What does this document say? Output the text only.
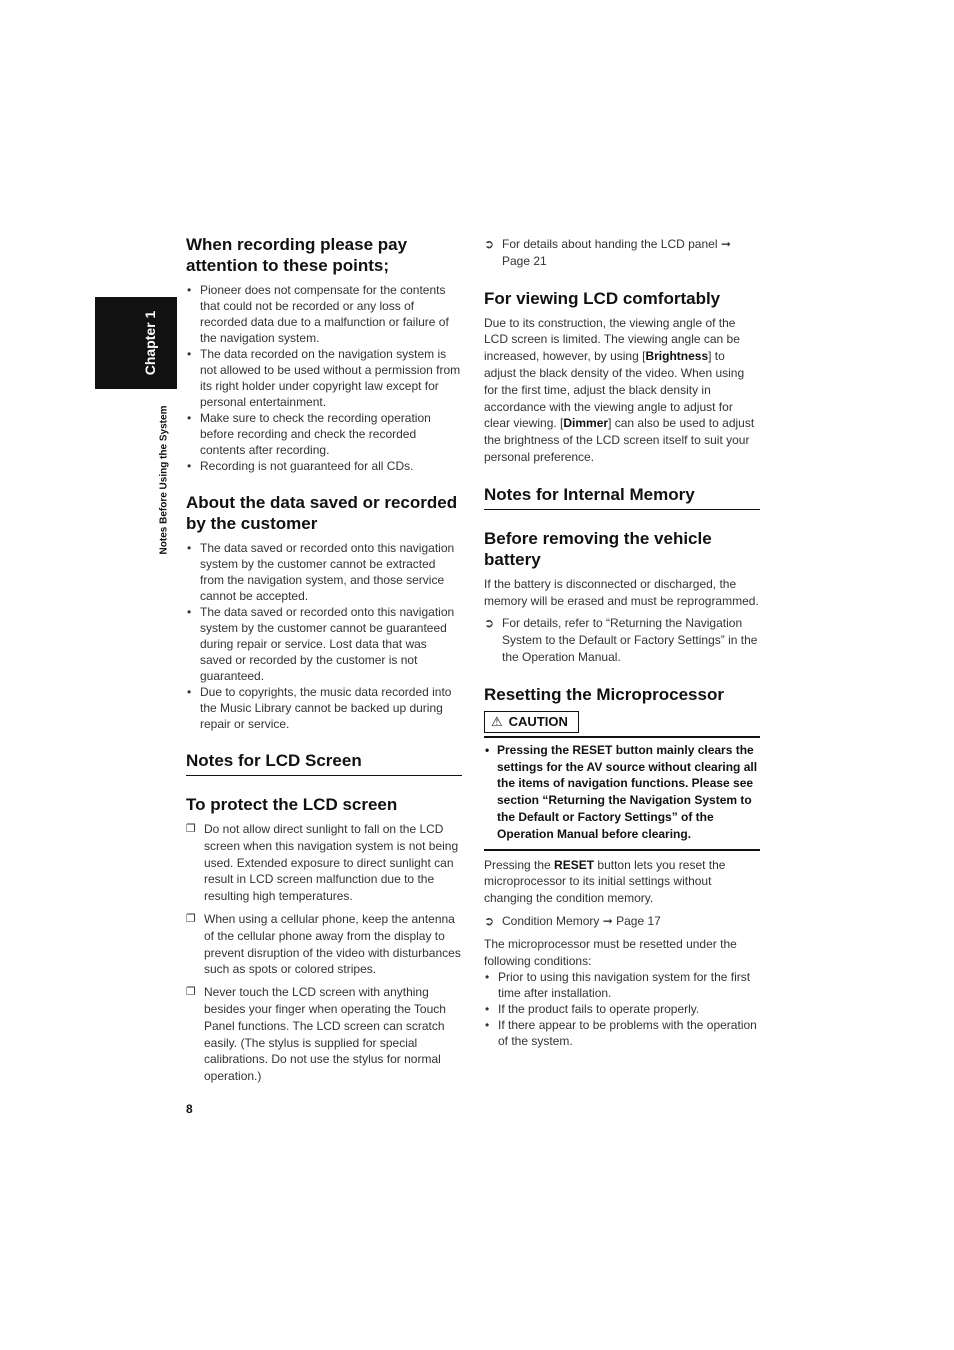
Chapter 1
Notes Before Using the System
When recording please pay attention to these points;
• Pioneer does not compensate for the contents that could not be recorded or any loss of recorded data due to a malfunction or failure of the navigation system.
• The data recorded on the navigation system is not allowed to be used without a permission from its right holder under copyright law except for personal entertainment.
• Make sure to check the recording operation before recording and check the recorded contents after recording.
• Recording is not guaranteed for all CDs.
About the data saved or recorded by the customer
• The data saved or recorded onto this navigation system by the customer cannot be extracted from the navigation system, and those service cannot be accepted.
• The data saved or recorded onto this navigation system by the customer cannot be guaranteed during repair or service. Lost data that was saved or recorded by the customer is not guaranteed.
• Due to copyrights, the music data recorded into the Music Library cannot be backed up during repair or service.
Notes for LCD Screen
To protect the LCD screen
❐ Do not allow direct sunlight to fall on the LCD screen when this navigation system is not being used. Extended exposure to direct sunlight can result in LCD screen malfunction due to the resulting high temperatures.
❐ When using a cellular phone, keep the antenna of the cellular phone away from the display to prevent disruption of the video with disturbances such as spots or colored stripes.
❐ Never touch the LCD screen with anything besides your finger when operating the Touch Panel functions. The LCD screen can scratch easily. (The stylus is supplied for special calibrations. Do not use the stylus for normal operation.)
➲ For details about handing the LCD panel ➞ Page 21
For viewing LCD comfortably

Due to its construction, the viewing angle of the LCD screen is limited. The viewing angle can be increased, however, by using [Brightness] to adjust the black density of the video. When using for the first time, adjust the black density in accordance with the viewing angle to adjust for clear viewing. [Dimmer] can also be used to adjust the brightness of the LCD screen itself to suit your personal preference.

Notes for Internal Memory
Before removing the vehicle battery

If the battery is disconnected or discharged, the memory will be erased and must be reprogrammed.

➲ For details, refer to “Returning the Navigation System to the Default or Factory Settings” in the the Operation Manual.
Resetting the Microprocessor
⚠ CAUTION
• Pressing the RESET button mainly clears the settings for the AV source without clearing all the items of navigation functions. Please see section “Returning the Navigation System to the Default or Factory Settings” of the Operation Manual before clearing.

Pressing the RESET button lets you reset the microprocessor to its initial settings without changing the condition memory.

➲ Condition Memory ➞ Page 17

The microprocessor must be resetted under the following conditions:

• Prior to using this navigation system for the first time after installation.
• If the product fails to operate properly.
• If there appear to be problems with the operation of the system.
8
